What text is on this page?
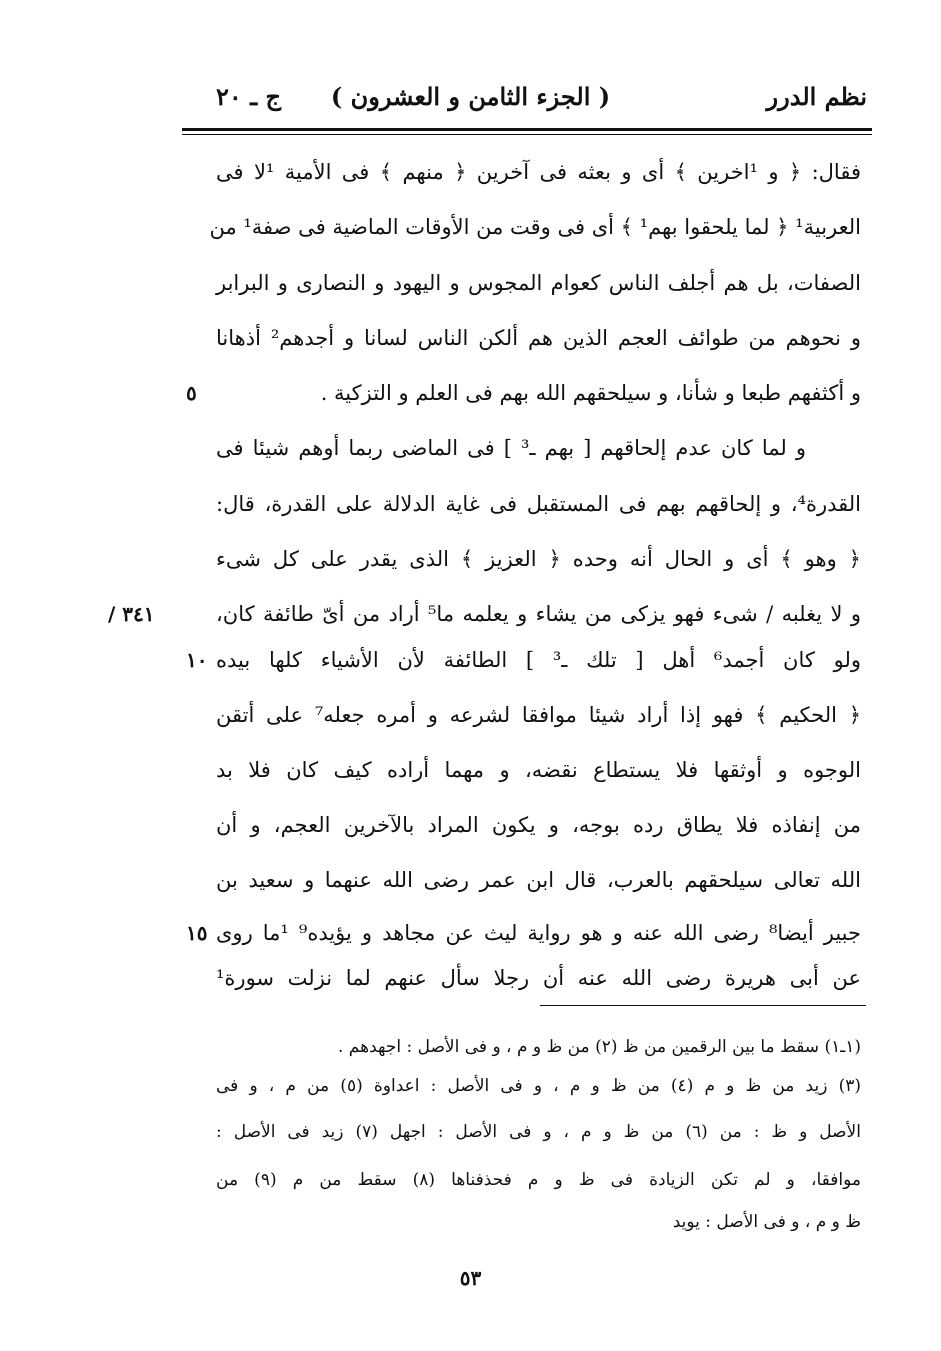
نظم الدرر
( الجزء الثامن و العشرون )
ج ـ ٢٠
فقال: ﴿ و ¹اخرين ﴾ أى و بعثه فى آخرين ﴿ منهم ﴾ فى الأمية ¹لا فى
العربية¹ ﴿ لما يلحقوا بهم¹ ﴾ أى فى وقت من الأوقات الماضية فى صفة¹ من
الصفات، بل هم أجلف الناس كعوام المجوس و اليهود و النصارى و البرابر
و نحوهم من طوائف العجم الذين هم ألكن الناس لسانا و أجدهم² أذهانا
و أكثفهم طبعا و شأنا، و سيلحقهم الله بهم فى العلم و التزكية .
و لما كان عدم إلحاقهم [ بهم ـ³ ] فى الماضى ربما أوهم شيئا فى
القدرة⁴، و إلحاقهم بهم فى المستقبل فى غاية الدلالة على القدرة، قال:
﴿ وهو ﴾ أى و الحال أنه وحده ﴿ العزيز ﴾ الذى يقدر على كل شىء
و لا يغلبه / شىء فهو يزكى من يشاء و يعلمه ما⁵ أراد من أىّ طائفة كان،
ولو كان أجمد⁶ أهل [ تلك ـ³ ] الطائفة لأن الأشياء كلها بيده
﴿ الحكيم ﴾ فهو إذا أراد شيئا موافقا لشرعه و أمره جعله⁷ على أتقن
الوجوه و أوثقها فلا يستطاع نقضه، و مهما أراده كيف كان فلا بد
من إنفاذه فلا يطاق رده بوجه، و يكون المراد بالآخرين العجم، و أن
الله تعالى سيلحقهم بالعرب، قال ابن عمر رضى الله عنهما و سعيد بن
جبير أيضا⁸ رضى الله عنه و هو رواية ليث عن مجاهد و يؤيده⁹ ¹ما روى
عن أبى هريرة رضى الله عنه أن رجلا سأل عنهم لما نزلت سورة¹
٥
١٠
١٥
٣٤١ /
(١ـ١) سقط ما بين الرقمين من ظ (٢) من ظ و م ، و فى الأصل : اجهدهم .
(٣) زيد من ظ و م (٤) من ظ و م ، و فى الأصل : اعداوة (٥) من م ، و فى
الأصل و ظ : من (٦) من ظ و م ، و فى الأصل : اجهل (٧) زيد فى الأصل :
موافقا، و لم تكن الزيادة فى ظ و م فحذفناها (٨) سقط من م (٩) من
ظ و م ، و فى الأصل : يويد
٥٣
